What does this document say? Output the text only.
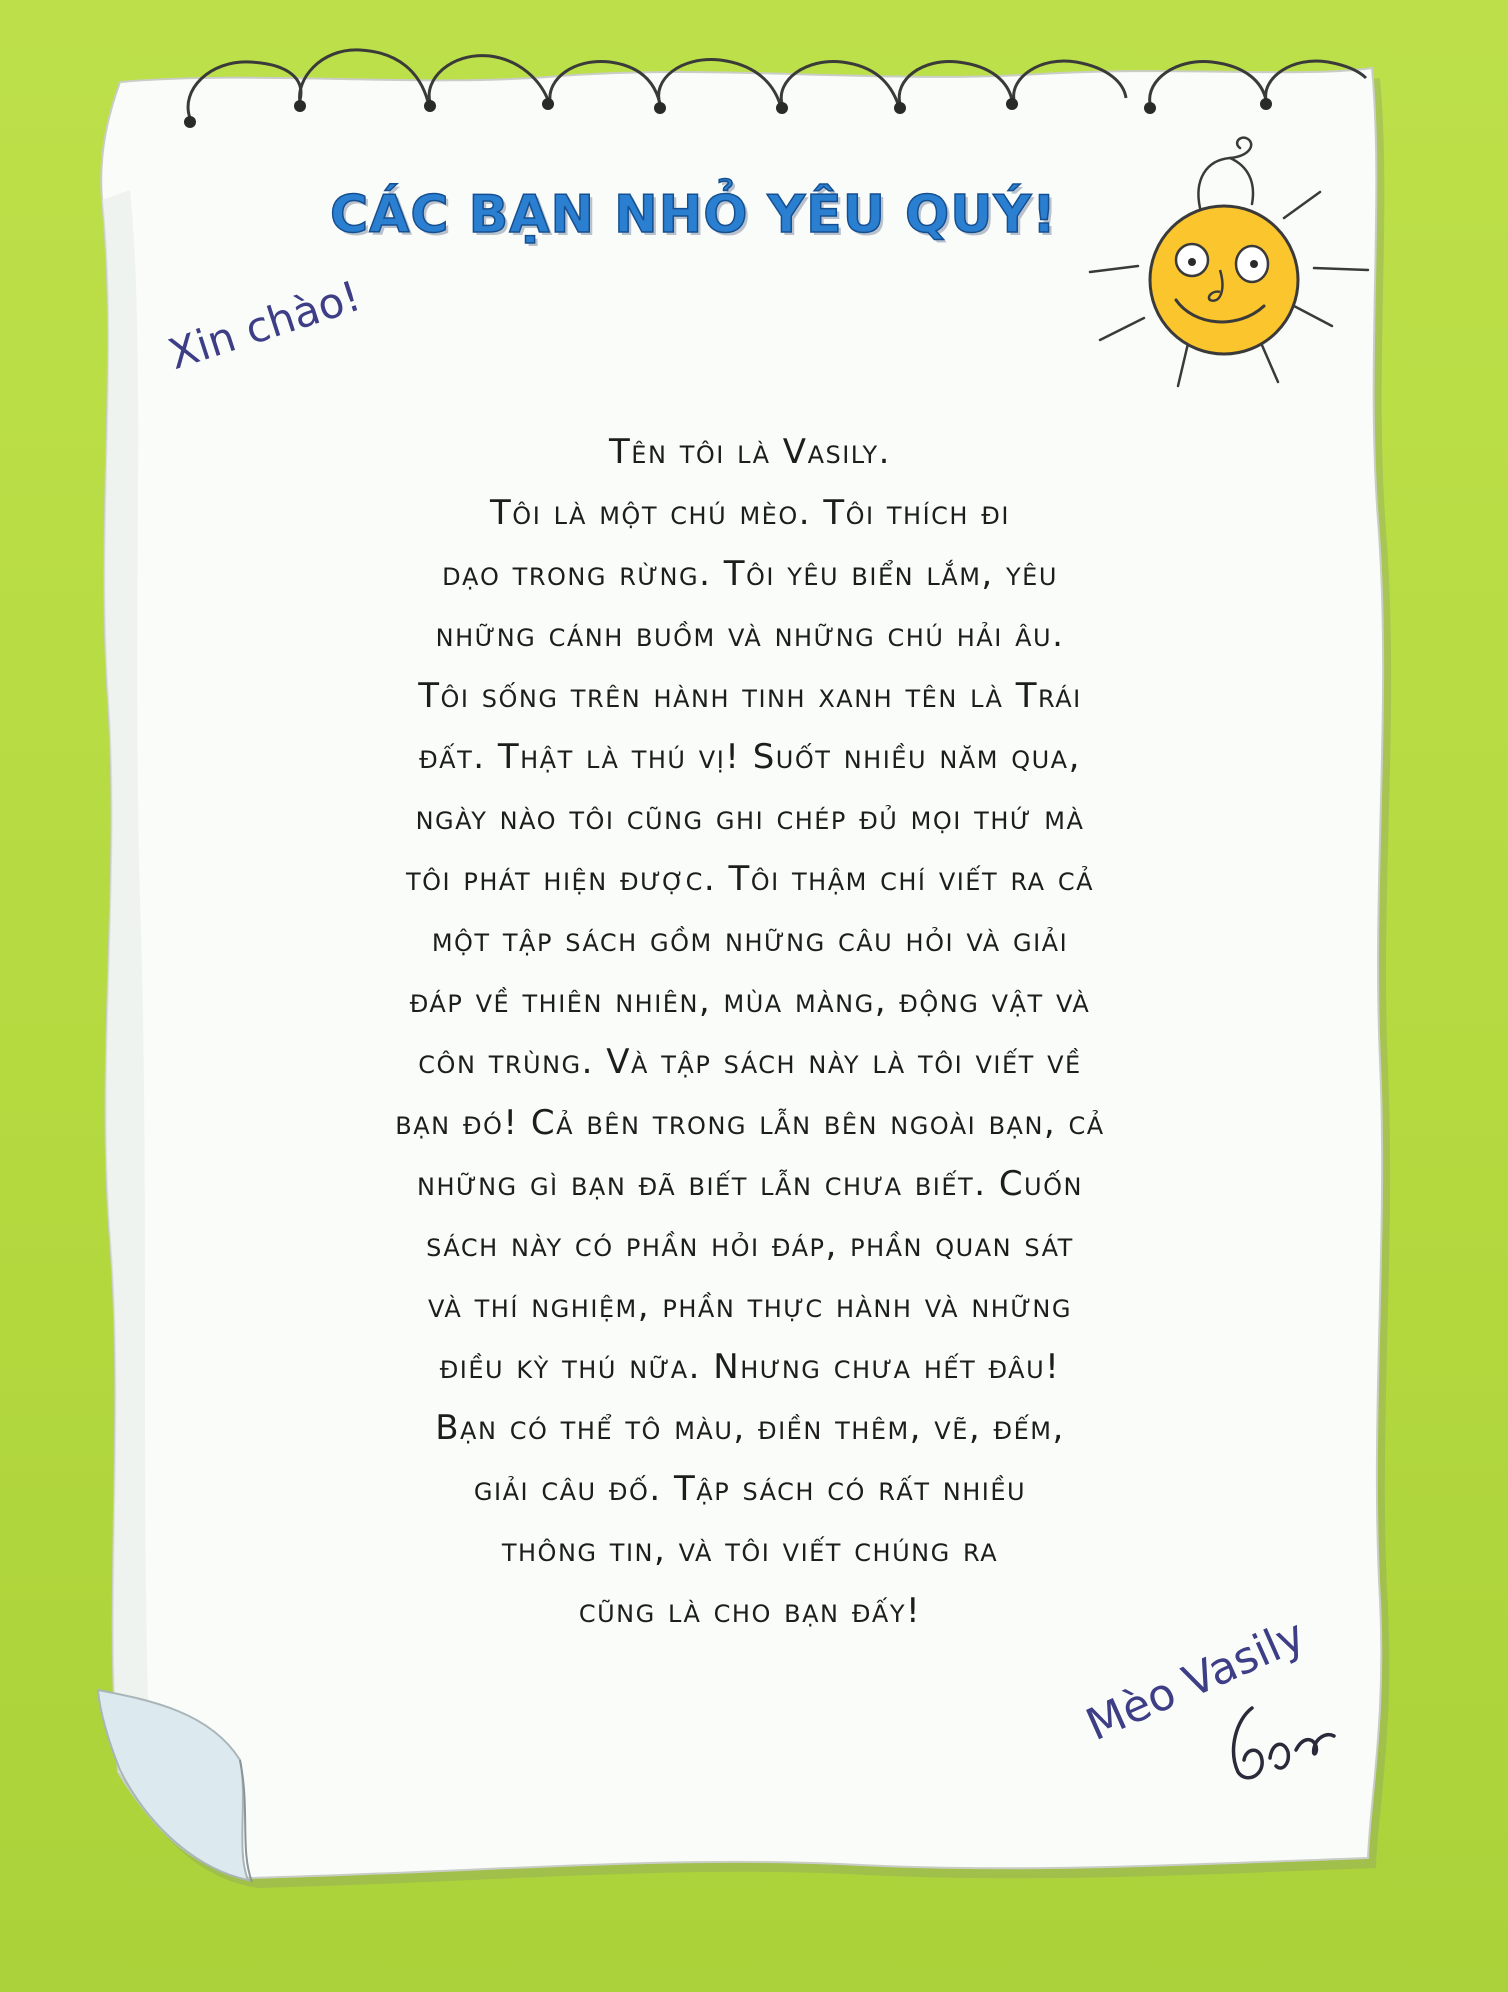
CÁC BẠN NHỎ YÊU QUÝ!
Xin chào!
Tên tôi là Vasily.
Tôi là một chú mèo. Tôi thích đi
dạo trong rừng. Tôi yêu biển lắm, yêu
những cánh buồm và những chú hải âu.
Tôi sống trên hành tinh xanh tên là Trái
đất. Thật là thú vị! Suốt nhiều năm qua,
ngày nào tôi cũng ghi chép đủ mọi thứ mà
tôi phát hiện được. Tôi thậm chí viết ra cả
một tập sách gồm những câu hỏi và giải
đáp về thiên nhiên, mùa màng, động vật và
côn trùng. Và tập sách này là tôi viết về
bạn đó! Cả bên trong lẫn bên ngoài bạn, cả
những gì bạn đã biết lẫn chưa biết. Cuốn
sách này có phần hỏi đáp, phần quan sát
và thí nghiệm, phần thực hành và những
điều kỳ thú nữa. Nhưng chưa hết đâu!
Bạn có thể tô màu, điền thêm, vẽ, đếm,
giải câu đố. Tập sách có rất nhiều
thông tin, và tôi viết chúng ra
cũng là cho bạn đấy!	Mèo Vasily
